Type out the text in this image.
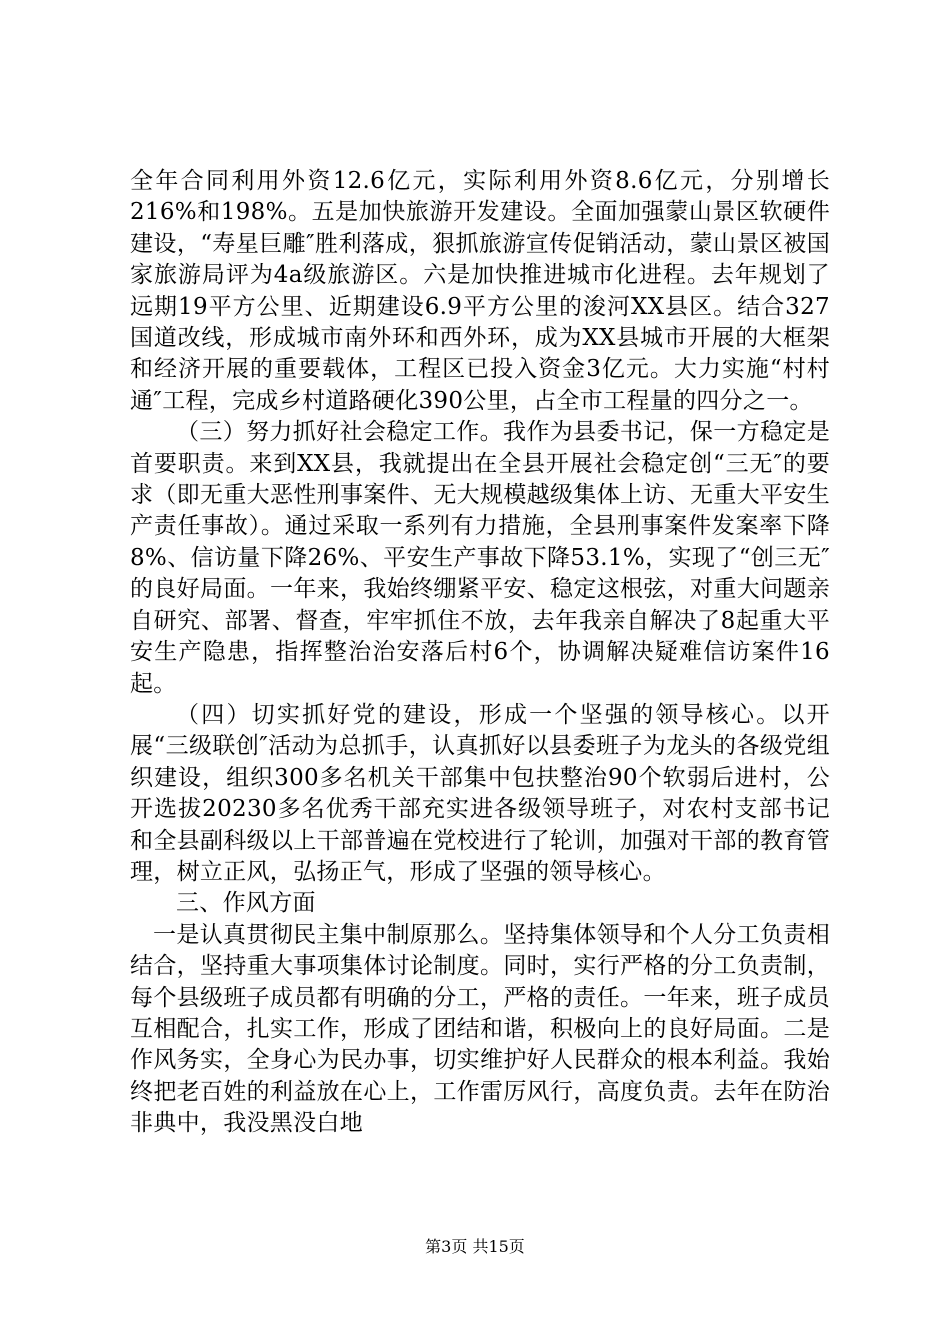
全年合同利用外资12.6亿元，实际利用外资8.6亿元，分别增长216%和198%。五是加快旅游开发建设。全面加强蒙山景区软硬件建设，“寿星巨雕″胜利落成，狠抓旅游宣传促销活动，蒙山景区被国家旅游局评为4a级旅游区。六是加快推进城市化进程。去年规划了远期19平方公里、近期建设6.9平方公里的浚河XX县区。结合327国道改线，形成城市南外环和西外环，成为XX县城市开展的大框架和经济开展的重要载体，工程区已投入资金3亿元。大力实施“村村通″工程，完成乡村道路硬化390公里，占全市工程量的四分之一。

（三）努力抓好社会稳定工作。我作为县委书记，保一方稳定是首要职责。来到XX县，我就提出在全县开展社会稳定创“三无″的要求（即无重大恶性刑事案件、无大规模越级集体上访、无重大平安生产责任事故）。通过采取一系列有力措施，全县刑事案件发案率下降8%、信访量下降26%、平安生产事故下降53.1%，实现了“创三无″的良好局面。一年来，我始终绷紧平安、稳定这根弦，对重大问题亲自研究、部署、督查，牢牢抓住不放，去年我亲自解决了8起重大平安生产隐患，指挥整治治安落后村6个，协调解决疑难信访案件16起。

（四）切实抓好党的建设，形成一个坚强的领导核心。以开展“三级联创″活动为总抓手，认真抓好以县委班子为龙头的各级党组织建设，组织300多名机关干部集中包扶整治90个软弱后进村，公开选拔20230多名优秀干部充实进各级领导班子，对农村支部书记和全县副科级以上干部普遍在党校进行了轮训，加强对干部的教育管理，树立正风，弘扬正气，形成了坚强的领导核心。

三、作风方面

一是认真贯彻民主集中制原那么。坚持集体领导和个人分工负责相结合，坚持重大事项集体讨论制度。同时，实行严格的分工负责制，每个县级班子成员都有明确的分工，严格的责任。一年来，班子成员互相配合，扎实工作，形成了团结和谐，积极向上的良好局面。二是作风务实，全身心为民办事，切实维护好人民群众的根本利益。我始终把老百姓的利益放在心上，工作雷厉风行，高度负责。去年在防治非典中，我没黑没白地

第3页 共15页
